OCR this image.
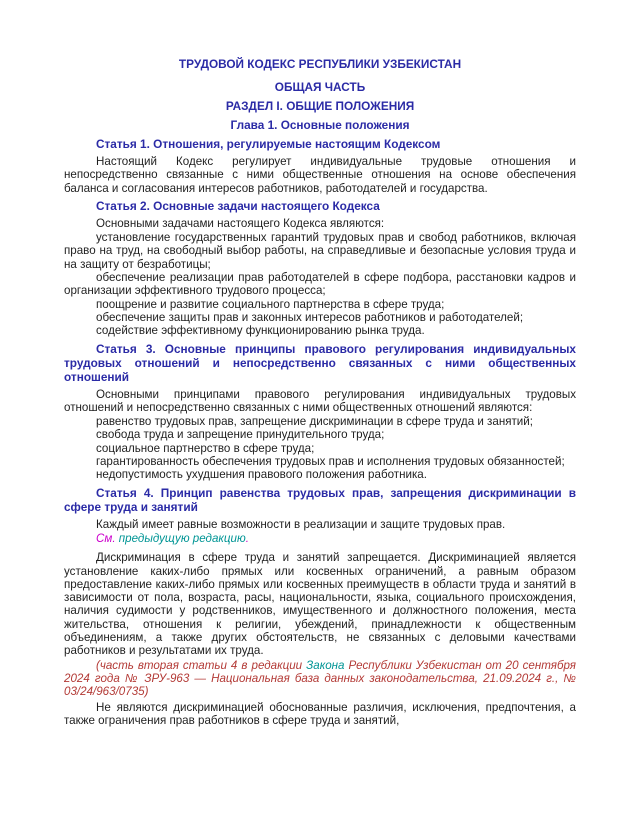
ТРУДОВОЙ КОДЕКС РЕСПУБЛИКИ УЗБЕКИСТАН
ОБЩАЯ ЧАСТЬ
РАЗДЕЛ I. ОБЩИЕ ПОЛОЖЕНИЯ
Глава 1. Основные положения
Статья 1. Отношения, регулируемые настоящим Кодексом
Настоящий Кодекс регулирует индивидуальные трудовые отношения и непосредственно связанные с ними общественные отношения на основе обеспечения баланса и согласования интересов работников, работодателей и государства.
Статья 2. Основные задачи настоящего Кодекса
Основными задачами настоящего Кодекса являются:
установление государственных гарантий трудовых прав и свобод работников, включая право на труд, на свободный выбор работы, на справедливые и безопасные условия труда и на защиту от безработицы;
обеспечение реализации прав работодателей в сфере подбора, расстановки кадров и организации эффективного трудового процесса;
поощрение и развитие социального партнерства в сфере труда;
обеспечение защиты прав и законных интересов работников и работодателей;
содействие эффективному функционированию рынка труда.
Статья 3. Основные принципы правового регулирования индивидуальных трудовых отношений и непосредственно связанных с ними общественных отношений
Основными принципами правового регулирования индивидуальных трудовых отношений и непосредственно связанных с ними общественных отношений являются:
равенство трудовых прав, запрещение дискриминации в сфере труда и занятий;
свобода труда и запрещение принудительного труда;
социальное партнерство в сфере труда;
гарантированность обеспечения трудовых прав и исполнения трудовых обязанностей;
недопустимость ухудшения правового положения работника.
Статья 4. Принцип равенства трудовых прав, запрещения дискриминации в сфере труда и занятий
Каждый имеет равные возможности в реализации и защите трудовых прав.
См. предыдущую редакцию.
Дискриминация в сфере труда и занятий запрещается. Дискриминацией является установление каких-либо прямых или косвенных ограничений, а равным образом предоставление каких-либо прямых или косвенных преимуществ в области труда и занятий в зависимости от пола, возраста, расы, национальности, языка, социального происхождения, наличия судимости у родственников, имущественного и должностного положения, места жительства, отношения к религии, убеждений, принадлежности к общественным объединениям, а также других обстоятельств, не связанных с деловыми качествами работников и результатами их труда.
(часть вторая статьи 4 в редакции Закона Республики Узбекистан от 20 сентября 2024 года № ЗРУ-963 — Национальная база данных законодательства, 21.09.2024 г., № 03/24/963/0735)
Не являются дискриминацией обоснованные различия, исключения, предпочтения, а также ограничения прав работников в сфере труда и занятий,
